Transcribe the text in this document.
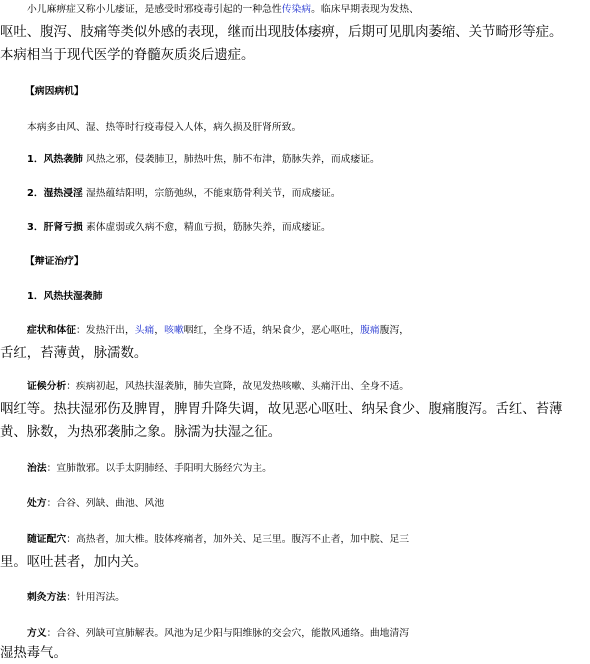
小儿麻痹症又称小儿痿证，是感受时邪疫毒引起的一种急性传染病。临床早期表现为发热、
呕吐、腹泻、肢痛等类似外感的表现，继而出现肢体痿痹，后期可见肌肉萎缩、关节畸形等症。
本病相当于现代医学的脊髓灰质炎后遗症。
【病因病机】
本病多由风、湿、热等时行疫毒侵入人体，病久损及肝肾所致。
1．风热袭肺 风热之邪，侵袭肺卫，肺热叶焦，肺不布津，筋脉失养，而成痿证。
2．湿热浸淫 湿热蕴结阳明，宗筋弛纵，不能束筋骨利关节，而成痿证。
3．肝肾亏损 素体虚弱或久病不愈，精血亏损，筋脉失养，而成痿证。
【辩证治疗】
1．风热扶湿袭肺
症状和体征：发热汗出，头痛，咳嗽咽红，全身不适，纳呆食少，恶心呕吐，腹痛腹泻，
舌红，苔薄黄，脉濡数。
证候分析：疾病初起，风热扶湿袭肺，肺失宣降，故见发热咳嗽、头痛汗出、全身不适。
咽红等。热扶湿邪伤及脾胃，脾胃升降失调，故见恶心呕吐、纳呆食少、腹痛腹泻。舌红、苔薄
黄、脉数，为热邪袭肺之象。脉濡为扶湿之征。
治法：宣肺散邪。以手太阴肺经、手阳明大肠经穴为主。
处方：合谷、列缺、曲池、风池
随证配穴：高热者，加大椎。肢体疼痛者，加外关、足三里。腹泻不止者，加中脘、足三
里。呕吐甚者，加内关。
刺灸方法：针用泻法。
方义：合谷、列缺可宣肺解表。风池为足少阳与阳维脉的交会穴，能散风通络。曲地清泻
湿热毒气。
